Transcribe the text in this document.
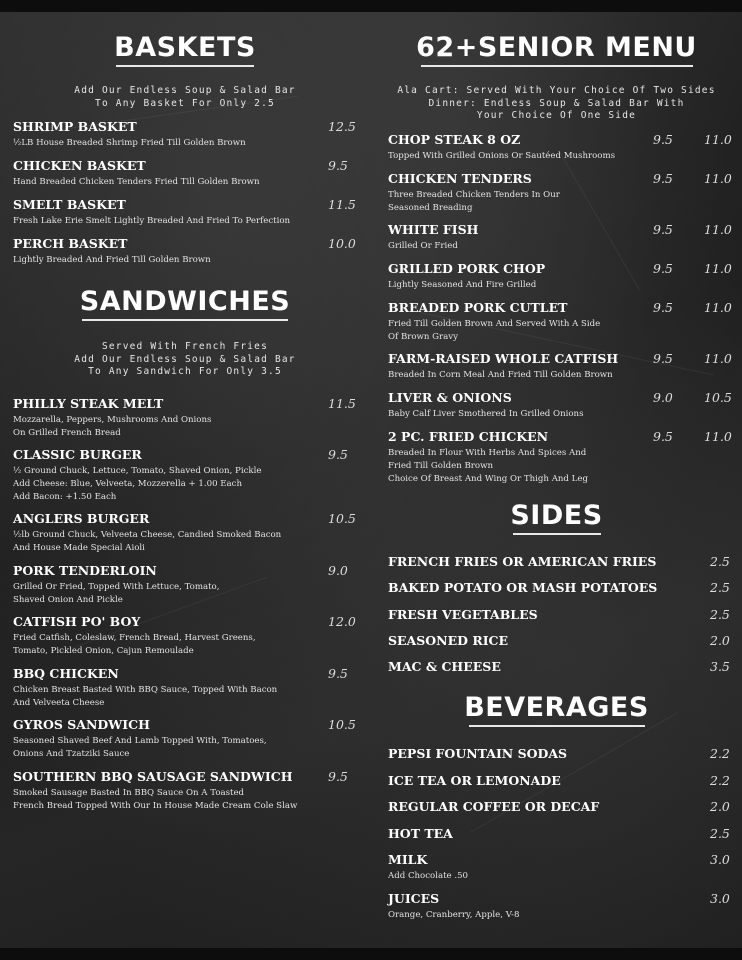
BASKETS
Add Our Endless Soup & Salad Bar
To Any Basket For Only 2.5
SHRIMP BASKET
½LB House Breaded Shrimp Fried Till Golden Brown
12.5
CHICKEN BASKET
Hand Breaded Chicken Tenders Fried Till Golden Brown
9.5
SMELT BASKET
Fresh Lake Erie Smelt Lightly Breaded And Fried To Perfection
11.5
PERCH BASKET
Lightly Breaded And Fried Till Golden Brown
10.0
SANDWICHES
Served With French Fries
Add Our Endless Soup & Salad Bar
To Any Sandwich For Only 3.5
PHILLY STEAK MELT
Mozzarella, Peppers, Mushrooms And Onions
On Grilled French Bread
11.5
CLASSIC BURGER
½ Ground Chuck, Lettuce, Tomato, Shaved Onion, Pickle
Add Cheese: Blue, Velveeta, Mozzerella + 1.00 Each
Add Bacon: +1.50 Each
9.5
ANGLERS BURGER
½lb Ground Chuck, Velveeta Cheese, Candied Smoked Bacon
And House Made Special Aioli
10.5
PORK TENDERLOIN
Grilled Or Fried, Topped With Lettuce, Tomato,
Shaved Onion And Pickle
9.0
CATFISH PO' BOY
Fried Catfish, Coleslaw, French Bread, Harvest Greens,
Tomato, Pickled Onion, Cajun Remoulade
12.0
BBQ CHICKEN
Chicken Breast Basted With BBQ Sauce, Topped With Bacon
And Velveeta Cheese
9.5
GYROS SANDWICH
Seasoned Shaved Beef And Lamb Topped With, Tomatoes,
Onions And Tzatziki Sauce
10.5
SOUTHERN BBQ SAUSAGE SANDWICH
Smoked Sausage Basted In BBQ Sauce On A Toasted
French Bread Topped With Our In House Made Cream Cole Slaw
9.5
62+SENIOR MENU
Ala Cart: Served With Your Choice Of Two Sides
Dinner: Endless Soup & Salad Bar With
Your Choice Of One Side
CHOP STEAK 8 OZ
Topped With Grilled Onions Or Sautéed Mushrooms
9.5 11.0
CHICKEN TENDERS
Three Breaded Chicken Tenders In Our
Seasoned Breading
9.5 11.0
WHITE FISH
Grilled Or Fried
9.5 11.0
GRILLED PORK CHOP
Lightly Seasoned And Fire Grilled
9.5 11.0
BREADED PORK CUTLET
Fried Till Golden Brown And Served With A Side
Of Brown Gravy
9.5 11.0
FARM-RAISED WHOLE CATFISH
Breaded In Corn Meal And Fried Till Golden Brown
9.5 11.0
LIVER & ONIONS
Baby Calf Liver Smothered In Grilled Onions
9.0 10.5
2 PC. FRIED CHICKEN
Breaded In Flour With Herbs And Spices And
Fried Till Golden Brown
Choice Of Breast And Wing Or Thigh And Leg
9.5 11.0
SIDES
FRENCH FRIES OR AMERICAN FRIES	2.5
BAKED POTATO OR MASH POTATOES	2.5
FRESH VEGETABLES	2.5
SEASONED RICE	2.0
MAC & CHEESE	3.5
BEVERAGES
PEPSI FOUNTAIN SODAS	2.2
ICE TEA OR LEMONADE	2.2
REGULAR COFFEE OR DECAF	2.0
HOT TEA	2.5
MILK
Add Chocolate .50
3.0
JUICES
Orange, Cranberry, Apple, V-8
3.0
